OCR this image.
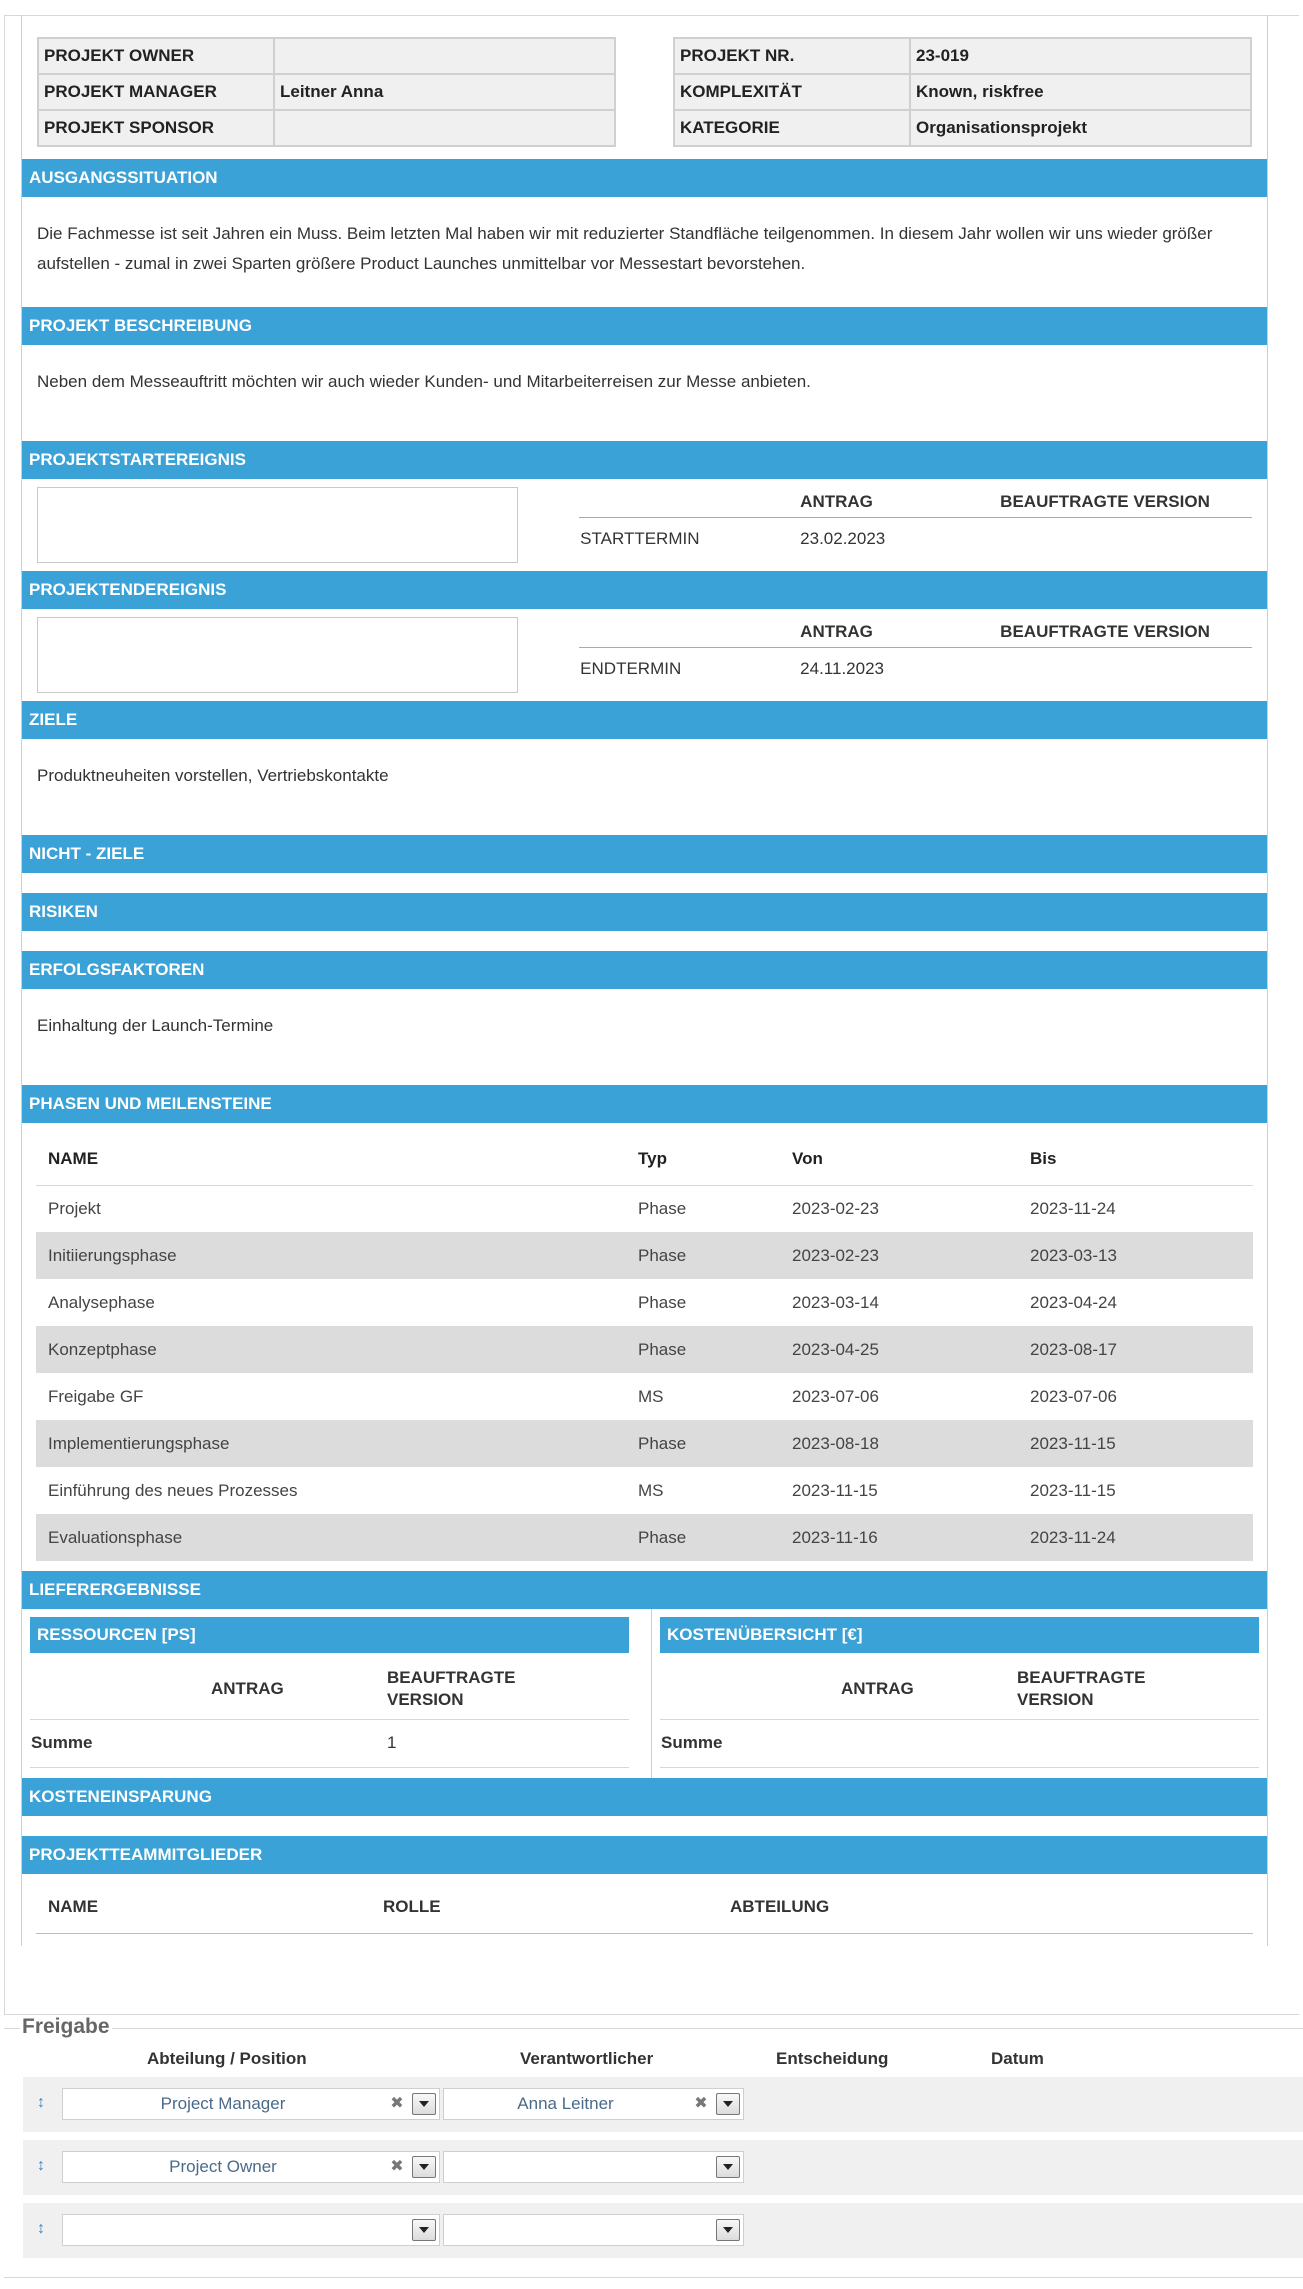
PROJEKT OWNER	
PROJEKT MANAGER	Leitner Anna
PROJEKT SPONSOR	
PROJEKT NR.	23-019
KOMPLEXITÄT	Known, riskfree
KATEGORIE	Organisationsprojekt
AUSGANGSSITUATION
Die Fachmesse ist seit Jahren ein Muss. Beim letzten Mal haben wir mit reduzierter Standfläche teilgenommen. In diesem Jahr wollen wir uns wieder größer aufstellen - zumal in zwei Sparten größere Product Launches unmittelbar vor Messestart bevorstehen.
PROJEKT BESCHREIBUNG
Neben dem Messeauftritt möchten wir auch wieder Kunden- und Mitarbeiterreisen zur Messe anbieten.
PROJEKTSTARTEREIGNIS
	ANTRAG	BEAUFTRAGTE VERSION
STARTTERMIN	23.02.2023	
PROJEKTENDEREIGNIS
	ANTRAG	BEAUFTRAGTE VERSION
ENDTERMIN	24.11.2023	
ZIELE
Produktneuheiten vorstellen, Vertriebskontakte
NICHT - ZIELE
RISIKEN
ERFOLGSFAKTOREN
Einhaltung der Launch-Termine
PHASEN UND MEILENSTEINE
NAME	Typ	Von	Bis
Projekt	Phase	2023-02-23	2023-11-24
Initiierungsphase	Phase	2023-02-23	2023-03-13
Analysephase	Phase	2023-03-14	2023-04-24
Konzeptphase	Phase	2023-04-25	2023-08-17
Freigabe GF	MS	2023-07-06	2023-07-06
Implementierungsphase	Phase	2023-08-18	2023-11-15
Einführung des neues Prozesses	MS	2023-11-15	2023-11-15
Evaluationsphase	Phase	2023-11-16	2023-11-24
LIEFERERGEBNISSE
RESSOURCEN [PS]
	ANTRAG	BEAUFTRAGTE
VERSION
Summe		1
KOSTENÜBERSICHT [€]
	ANTRAG	BEAUFTRAGTE
VERSION
Summe		
KOSTENEINSPARUNG
PROJEKTTEAMMITGLIEDER
NAME	ROLLE	ABTEILUNG
Freigabe
Abteilung / Position	Verantwortlicher	Entscheidung	Datum
↕	Project Manager	✖	Anna Leitner	✖
↕	Project Owner	✖
↕
